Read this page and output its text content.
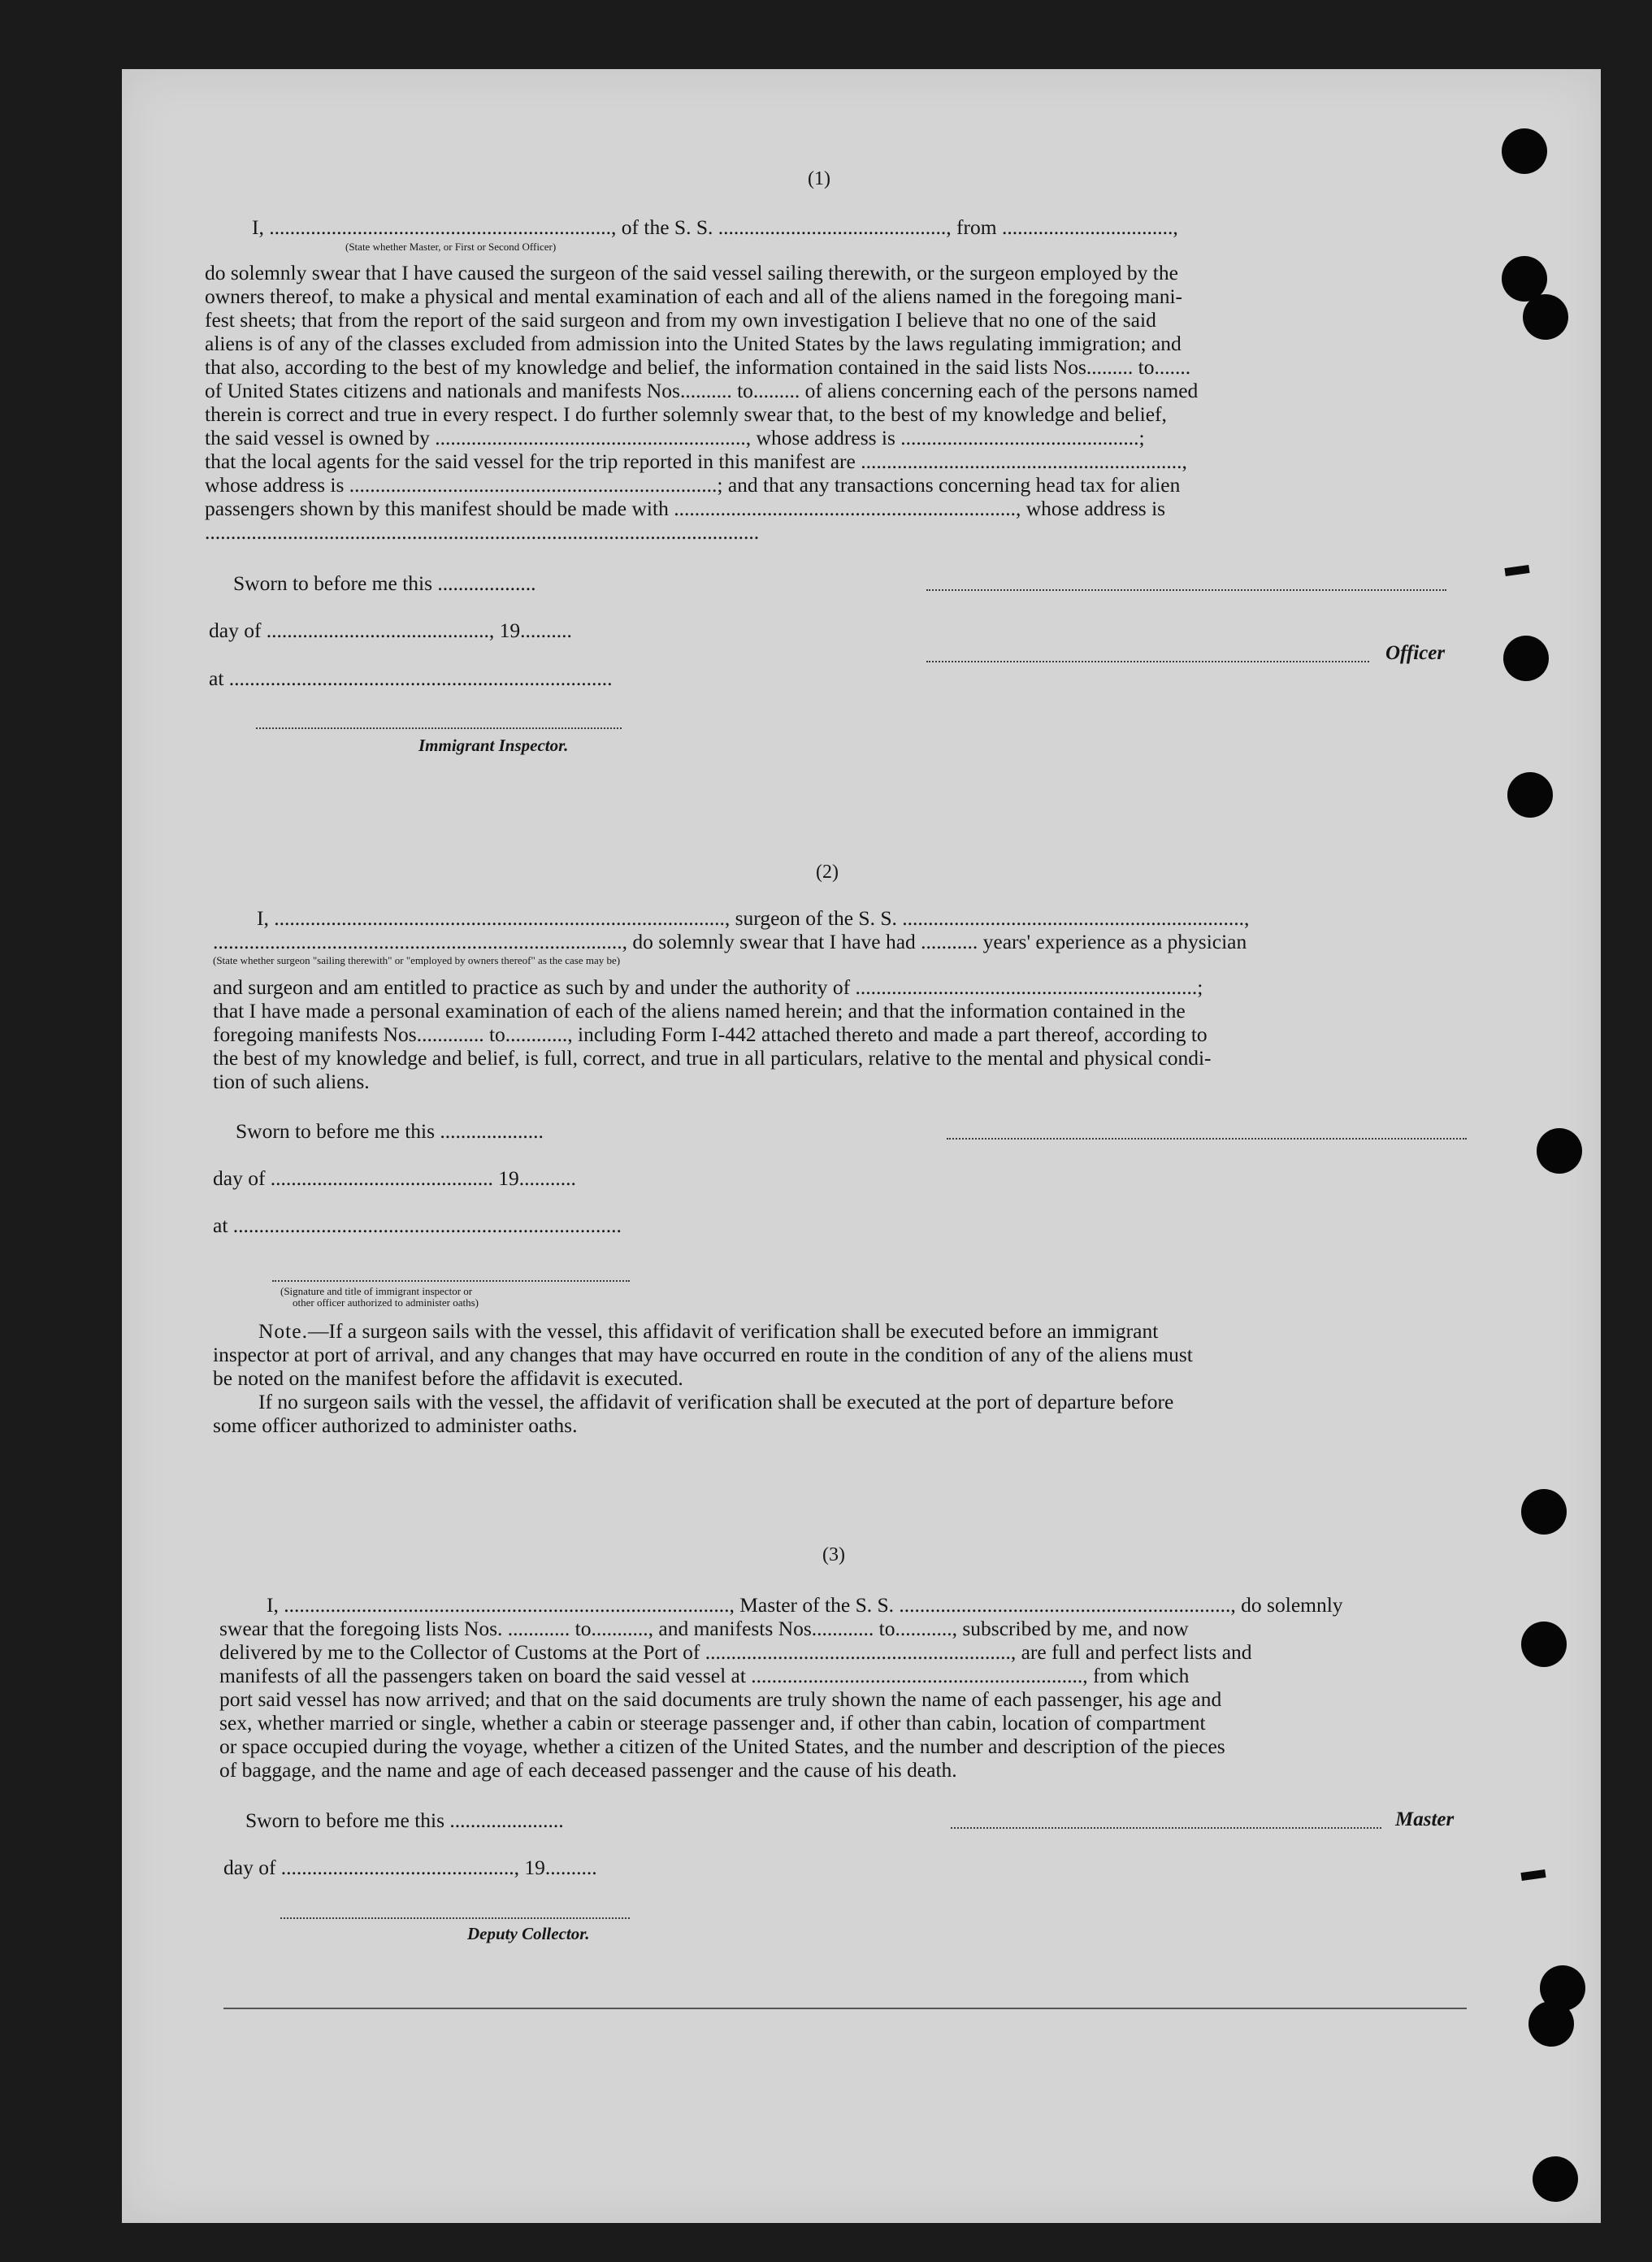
(1)
I, .................................................................., of the S. S. ............................................, from .................................,
(State whether Master, or First or Second Officer)
do solemnly swear that I have caused the surgeon of the said vessel sailing therewith, or the surgeon employed by the
owners thereof, to make a physical and mental examination of each and all of the aliens named in the foregoing mani-
fest sheets; that from the report of the said surgeon and from my own investigation I believe that no one of the said
aliens is of any of the classes excluded from admission into the United States by the laws regulating immigration; and
that also, according to the best of my knowledge and belief, the information contained in the said lists Nos......... to.......
of United States citizens and nationals and manifests Nos.......... to......... of aliens concerning each of the persons named
therein is correct and true in every respect. I do further solemnly swear that, to the best of my knowledge and belief,
the said vessel is owned by ............................................................, whose address is ..............................................;
that the local agents for the said vessel for the trip reported in this manifest are ..............................................................,
whose address is .......................................................................; and that any transactions concerning head tax for alien
passengers shown by this manifest should be made with .................................................................., whose address is
...........................................................................................................
Sworn to before me this ...................
day of ..........................................., 19..........
at ..........................................................................
Immigrant Inspector.
Officer
(2)
I, ......................................................................................., surgeon of the S. S. ..................................................................,
..............................................................................., do solemnly swear that I have had ........... years' experience as a physician
(State whether surgeon "sailing therewith" or "employed by owners thereof" as the case may be)
and surgeon and am entitled to practice as such by and under the authority of ..................................................................;
that I have made a personal examination of each of the aliens named herein; and that the information contained in the
foregoing manifests Nos............. to............, including Form I-442 attached thereto and made a part thereof, according to
the best of my knowledge and belief, is full, correct, and true in all particulars, relative to the mental and physical condi-
tion of such aliens.
Sworn to before me this ....................
day of ........................................... 19...........
at ...........................................................................
(Signature and title of immigrant inspector or
other officer authorized to administer oaths)
Note.—If a surgeon sails with the vessel, this affidavit of verification shall be executed before an immigrant
inspector at port of arrival, and any changes that may have occurred en route in the condition of any of the aliens must
be noted on the manifest before the affidavit is executed.
If no surgeon sails with the vessel, the affidavit of verification shall be executed at the port of departure before
some officer authorized to administer oaths.
(3)
I, ......................................................................................, Master of the S. S. ................................................................, do solemnly
swear that the foregoing lists Nos. ............ to..........., and manifests Nos............ to..........., subscribed by me, and now
delivered by me to the Collector of Customs at the Port of ..........................................................., are full and perfect lists and
manifests of all the passengers taken on board the said vessel at ................................................................, from which
port said vessel has now arrived; and that on the said documents are truly shown the name of each passenger, his age and
sex, whether married or single, whether a cabin or steerage passenger and, if other than cabin, location of compartment
or space occupied during the voyage, whether a citizen of the United States, and the number and description of the pieces
of baggage, and the name and age of each deceased passenger and the cause of his death.
Sworn to before me this ......................
day of ............................................., 19..........
Deputy Collector.
Master
